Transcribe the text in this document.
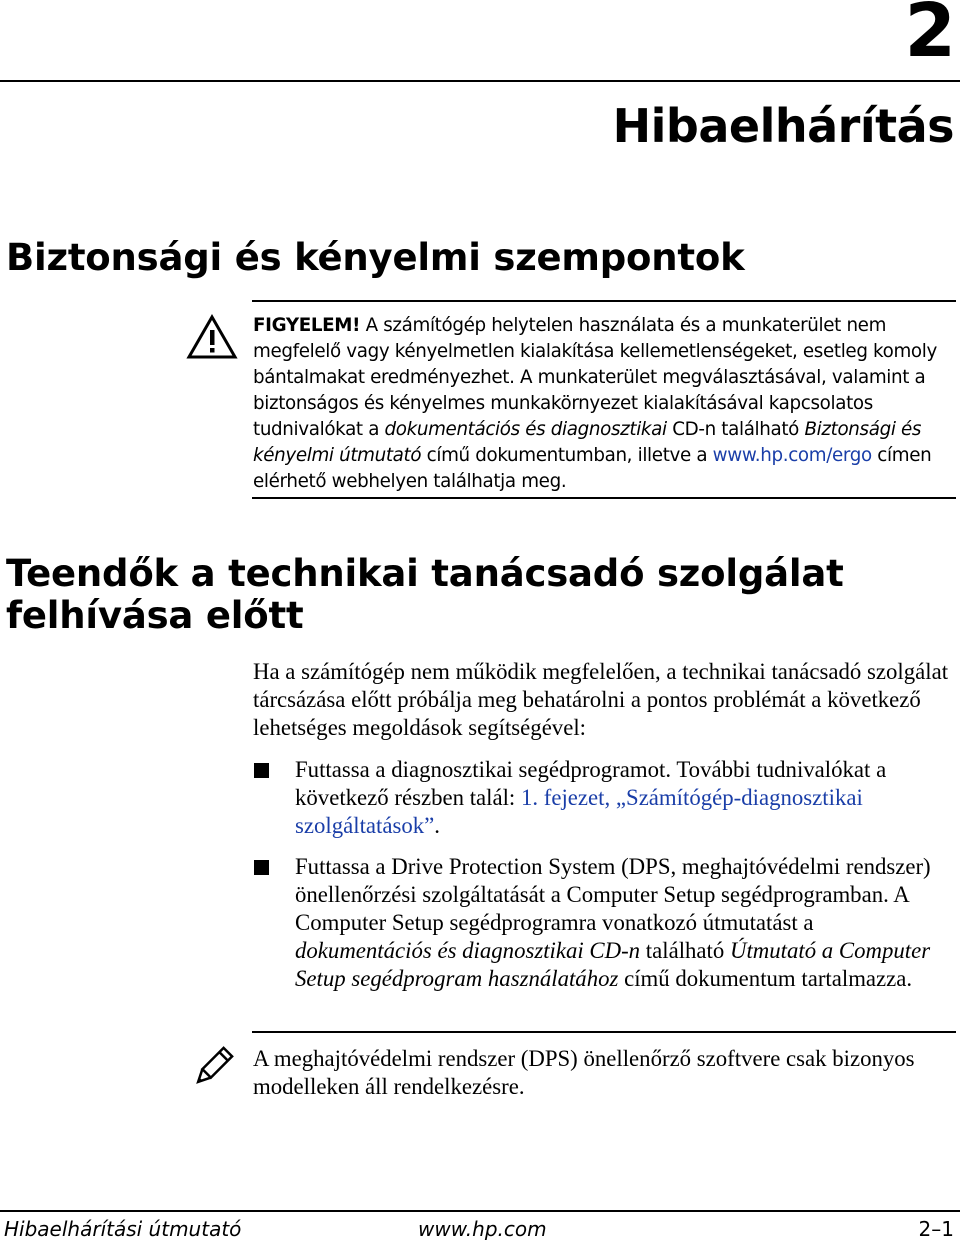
2
Hibaelhárítás
Biztonsági és kényelmi szempontok
FIGYELEM! A számítógép helytelen használata és a munkaterület nem megfelelő vagy kényelmetlen kialakítása kellemetlenségeket, esetleg komoly bántalmakat eredményezhet. A munkaterület megválasztásával, valamint a biztonságos és kényelmes munkakörnyezet kialakításával kapcsolatos tudnivalókat a dokumentációs és diagnosztikai CD-n található Biztonsági és kényelmi útmutató című dokumentumban, illetve a www.hp.com/ergo címen elérhető webhelyen találhatja meg.
Teendők a technikai tanácsadó szolgálat
felhívása előtt
Ha a számítógép nem működik megfelelően, a technikai tanácsadó szolgálat tárcsázása előtt próbálja meg behatárolni a pontos problémát a következő lehetséges megoldások segítségével:
Futtassa a diagnosztikai segédprogramot. További tudnivalókat a következő részben talál: 1. fejezet, „Számítógép-diagnosztikai szolgáltatások”.
Futtassa a Drive Protection System (DPS, meghajtóvédelmi rendszer) önellenőrzési szolgáltatását a Computer Setup segédprogramban. A Computer Setup segédprogramra vonatkozó útmutatást a dokumentációs és diagnosztikai CD-n található Útmutató a Computer Setup segédprogram használatához című dokumentum tartalmazza.
A meghajtóvédelmi rendszer (DPS) önellenőrző szoftvere csak bizonyos modelleken áll rendelkezésre.
Hibaelhárítási útmutató	www.hp.com	2–1
